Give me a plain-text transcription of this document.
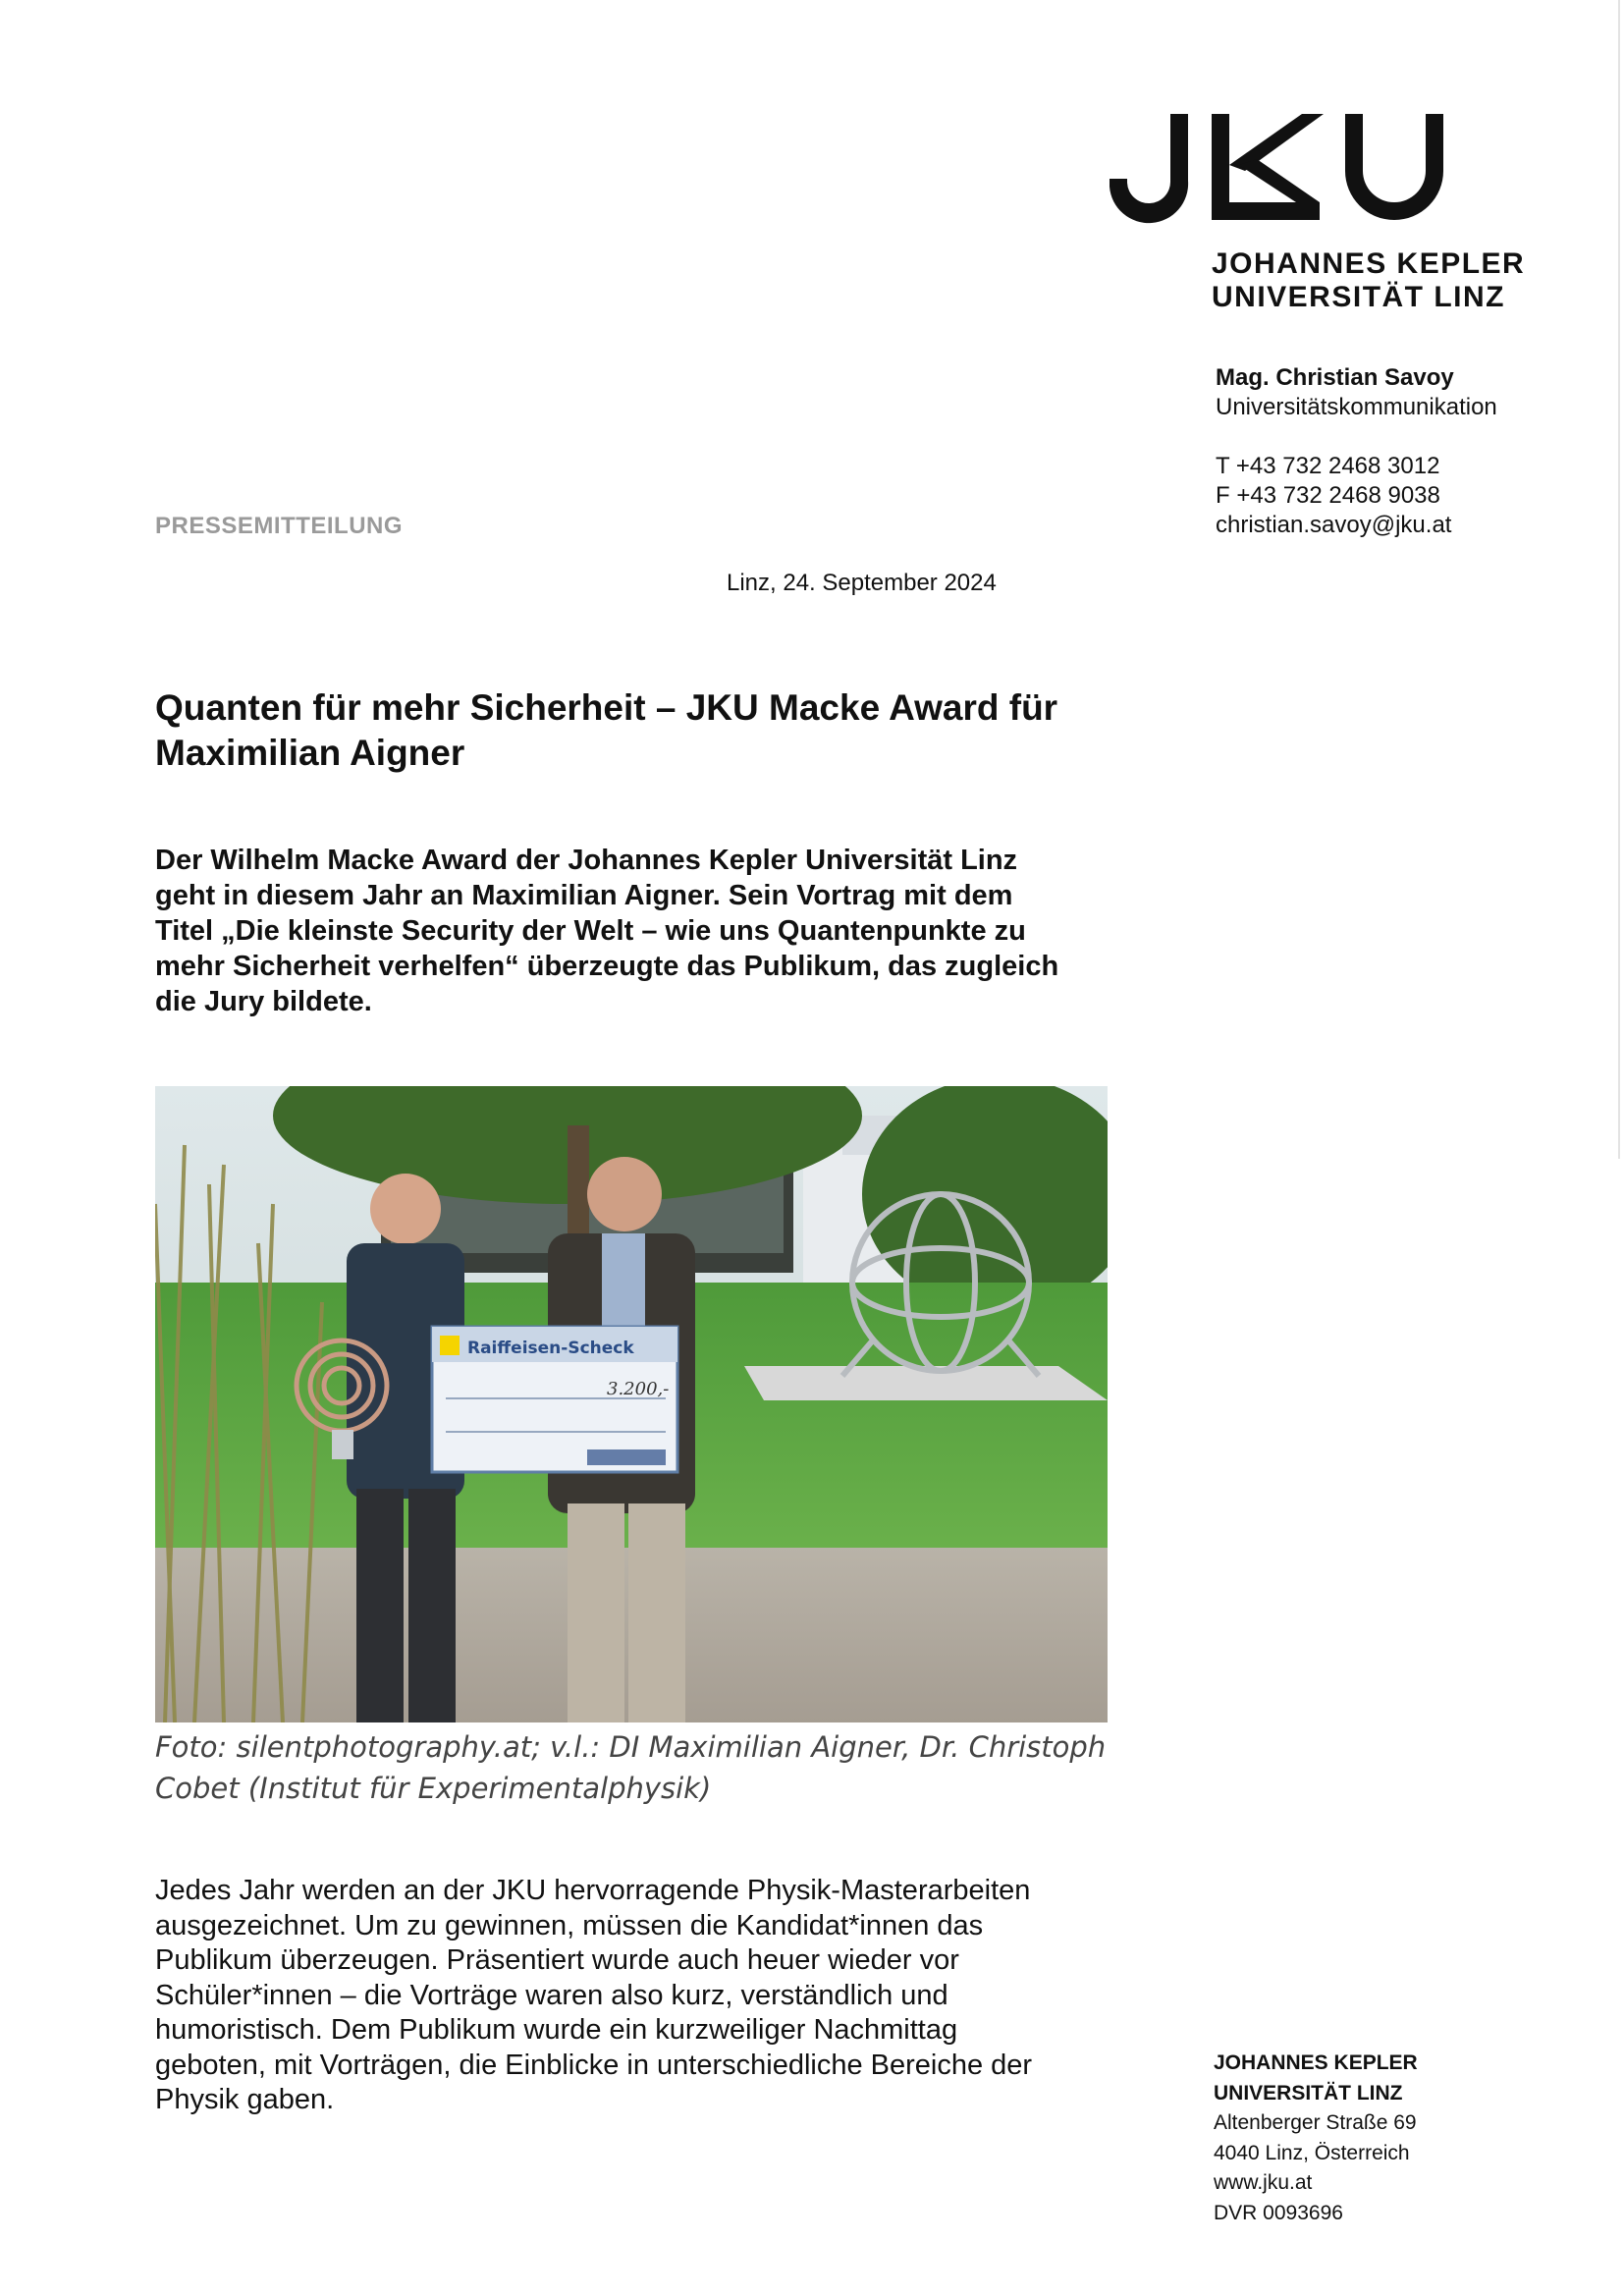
JOHANNES KEPLER
UNIVERSITÄT LINZ
Mag. Christian Savoy
Universitätskommunikation
T +43 732 2468 3012
F +43 732 2468 9038
christian.savoy@jku.at
PRESSEMITTEILUNG
Linz, 24. September 2024
Quanten für mehr Sicherheit – JKU Macke Award für
Maximilian Aigner
Der Wilhelm Macke Award der Johannes Kepler Universität Linz
geht in diesem Jahr an Maximilian Aigner. Sein Vortrag mit dem
Titel „Die kleinste Security der Welt – wie uns Quantenpunkte zu
mehr Sicherheit verhelfen“ überzeugte das Publikum, das zugleich
die Jury bildete.
Raiffeisen-Scheck
3.200,-
Foto: silentphotography.at; v.l.: DI Maximilian Aigner, Dr. Christoph
Cobet (Institut für Experimentalphysik)
Jedes Jahr werden an der JKU hervorragende Physik-Masterarbeiten
ausgezeichnet. Um zu gewinnen, müssen die Kandidat*innen das
Publikum überzeugen. Präsentiert wurde auch heuer wieder vor
Schüler*innen – die Vorträge waren also kurz, verständlich und
humoristisch. Dem Publikum wurde ein kurzweiliger Nachmittag
geboten, mit Vorträgen, die Einblicke in unterschiedliche Bereiche der
Physik gaben.
JOHANNES KEPLER
UNIVERSITÄT LINZ
Altenberger Straße 69
4040 Linz, Österreich
www.jku.at
DVR 0093696
